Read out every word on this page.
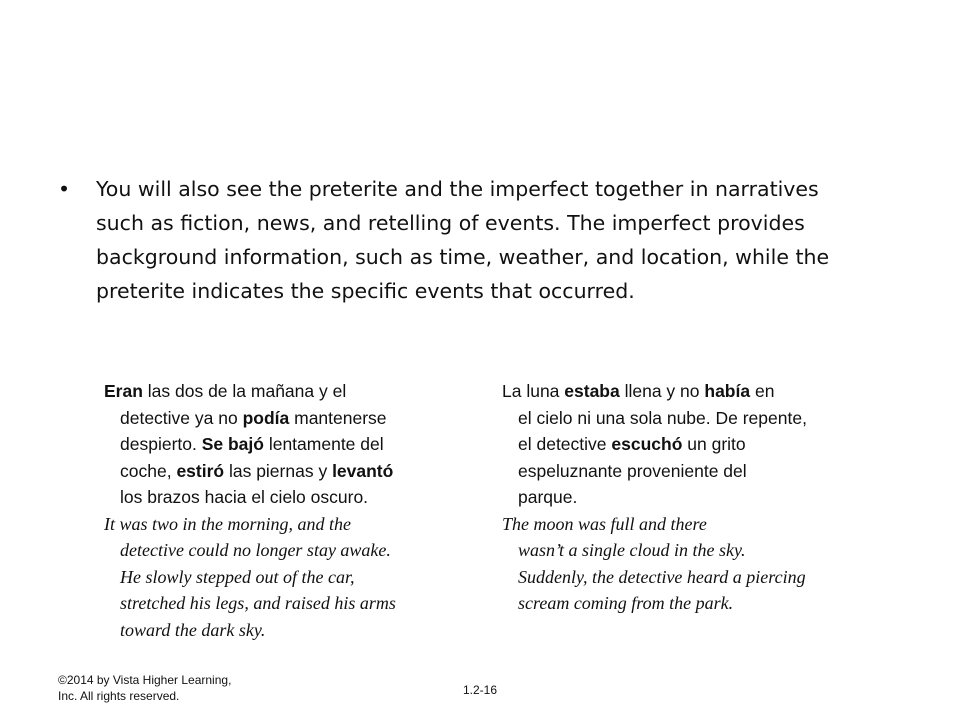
• You will also see the preterite and the imperfect together in narratives
such as fiction, news, and retelling of events. The imperfect provides
background information, such as time, weather, and location, while the
preterite indicates the specific events that occurred.
Eran las dos de la mañana y el
detective ya no podía mantenerse
despierto. Se bajó lentamente del
coche, estiró las piernas y levantó
los brazos hacia el cielo oscuro.
It was two in the morning, and the
detective could no longer stay awake.
He slowly stepped out of the car,
stretched his legs, and raised his arms
toward the dark sky.
La luna estaba llena y no había en
el cielo ni una sola nube. De repente,
el detective escuchó un grito
espeluznante proveniente del
parque.
The moon was full and there
wasn’t a single cloud in the sky.
Suddenly, the detective heard a piercing
scream coming from the park.
©2014 by Vista Higher Learning,
Inc. All rights reserved.	1.2-16
